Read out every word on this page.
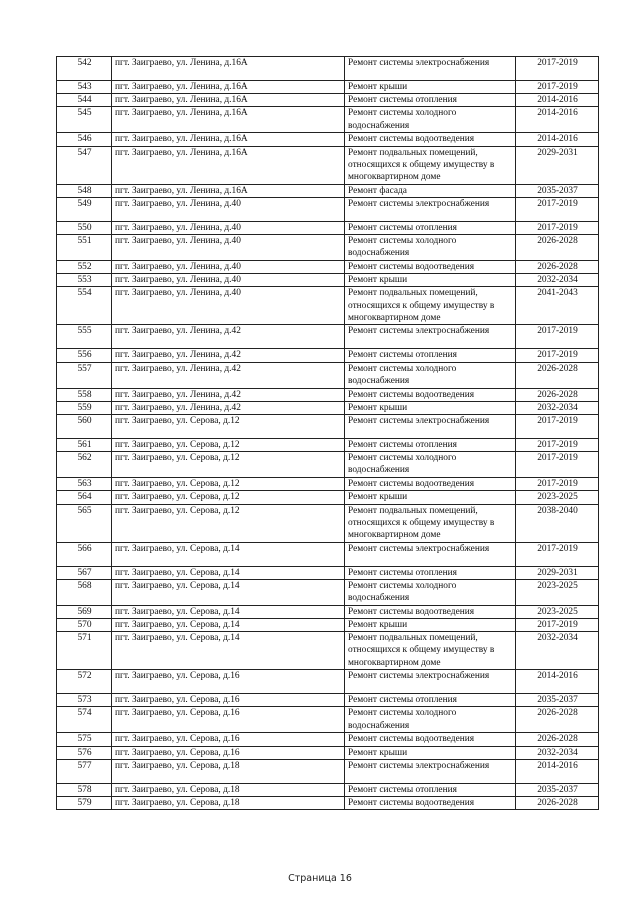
542	пгт. Заиграево, ул. Ленина, д.16А	Ремонт системы электроснабжения	2017-2019
543	пгт. Заиграево, ул. Ленина, д.16А	Ремонт крыши	2017-2019
544	пгт. Заиграево, ул. Ленина, д.16А	Ремонт системы отопления	2014-2016
545	пгт. Заиграево, ул. Ленина, д.16А	Ремонт системы холодного водоснабжения	2014-2016
546	пгт. Заиграево, ул. Ленина, д.16А	Ремонт системы водоотведения	2014-2016
547	пгт. Заиграево, ул. Ленина, д.16А	Ремонт подвальных помещений, относящихся к общему имуществу в многоквартирном доме	2029-2031
548	пгт. Заиграево, ул. Ленина, д.16А	Ремонт фасада	2035-2037
549	пгт. Заиграево, ул. Ленина, д.40	Ремонт системы электроснабжения	2017-2019
550	пгт. Заиграево, ул. Ленина, д.40	Ремонт системы отопления	2017-2019
551	пгт. Заиграево, ул. Ленина, д.40	Ремонт системы холодного водоснабжения	2026-2028
552	пгт. Заиграево, ул. Ленина, д.40	Ремонт системы водоотведения	2026-2028
553	пгт. Заиграево, ул. Ленина, д.40	Ремонт крыши	2032-2034
554	пгт. Заиграево, ул. Ленина, д.40	Ремонт подвальных помещений, относящихся к общему имуществу в многоквартирном доме	2041-2043
555	пгт. Заиграево, ул. Ленина, д.42	Ремонт системы электроснабжения	2017-2019
556	пгт. Заиграево, ул. Ленина, д.42	Ремонт системы отопления	2017-2019
557	пгт. Заиграево, ул. Ленина, д.42	Ремонт системы холодного водоснабжения	2026-2028
558	пгт. Заиграево, ул. Ленина, д.42	Ремонт системы водоотведения	2026-2028
559	пгт. Заиграево, ул. Ленина, д.42	Ремонт крыши	2032-2034
560	пгт. Заиграево, ул. Серова, д.12	Ремонт системы электроснабжения	2017-2019
561	пгт. Заиграево, ул. Серова, д.12	Ремонт системы отопления	2017-2019
562	пгт. Заиграево, ул. Серова, д.12	Ремонт системы холодного водоснабжения	2017-2019
563	пгт. Заиграево, ул. Серова, д.12	Ремонт системы водоотведения	2017-2019
564	пгт. Заиграево, ул. Серова, д.12	Ремонт крыши	2023-2025
565	пгт. Заиграево, ул. Серова, д.12	Ремонт подвальных помещений, относящихся к общему имуществу в многоквартирном доме	2038-2040
566	пгт. Заиграево, ул. Серова, д.14	Ремонт системы электроснабжения	2017-2019
567	пгт. Заиграево, ул. Серова, д.14	Ремонт системы отопления	2029-2031
568	пгт. Заиграево, ул. Серова, д.14	Ремонт системы холодного водоснабжения	2023-2025
569	пгт. Заиграево, ул. Серова, д.14	Ремонт системы водоотведения	2023-2025
570	пгт. Заиграево, ул. Серова, д.14	Ремонт крыши	2017-2019
571	пгт. Заиграево, ул. Серова, д.14	Ремонт подвальных помещений, относящихся к общему имуществу в многоквартирном доме	2032-2034
572	пгт. Заиграево, ул. Серова, д.16	Ремонт системы электроснабжения	2014-2016
573	пгт. Заиграево, ул. Серова, д.16	Ремонт системы отопления	2035-2037
574	пгт. Заиграево, ул. Серова, д.16	Ремонт системы холодного водоснабжения	2026-2028
575	пгт. Заиграево, ул. Серова, д.16	Ремонт системы водоотведения	2026-2028
576	пгт. Заиграево, ул. Серова, д.16	Ремонт крыши	2032-2034
577	пгт. Заиграево, ул. Серова, д.18	Ремонт системы электроснабжения	2014-2016
578	пгт. Заиграево, ул. Серова, д.18	Ремонт системы отопления	2035-2037
579	пгт. Заиграево, ул. Серова, д.18	Ремонт системы водоотведения	2026-2028
Страница 16
